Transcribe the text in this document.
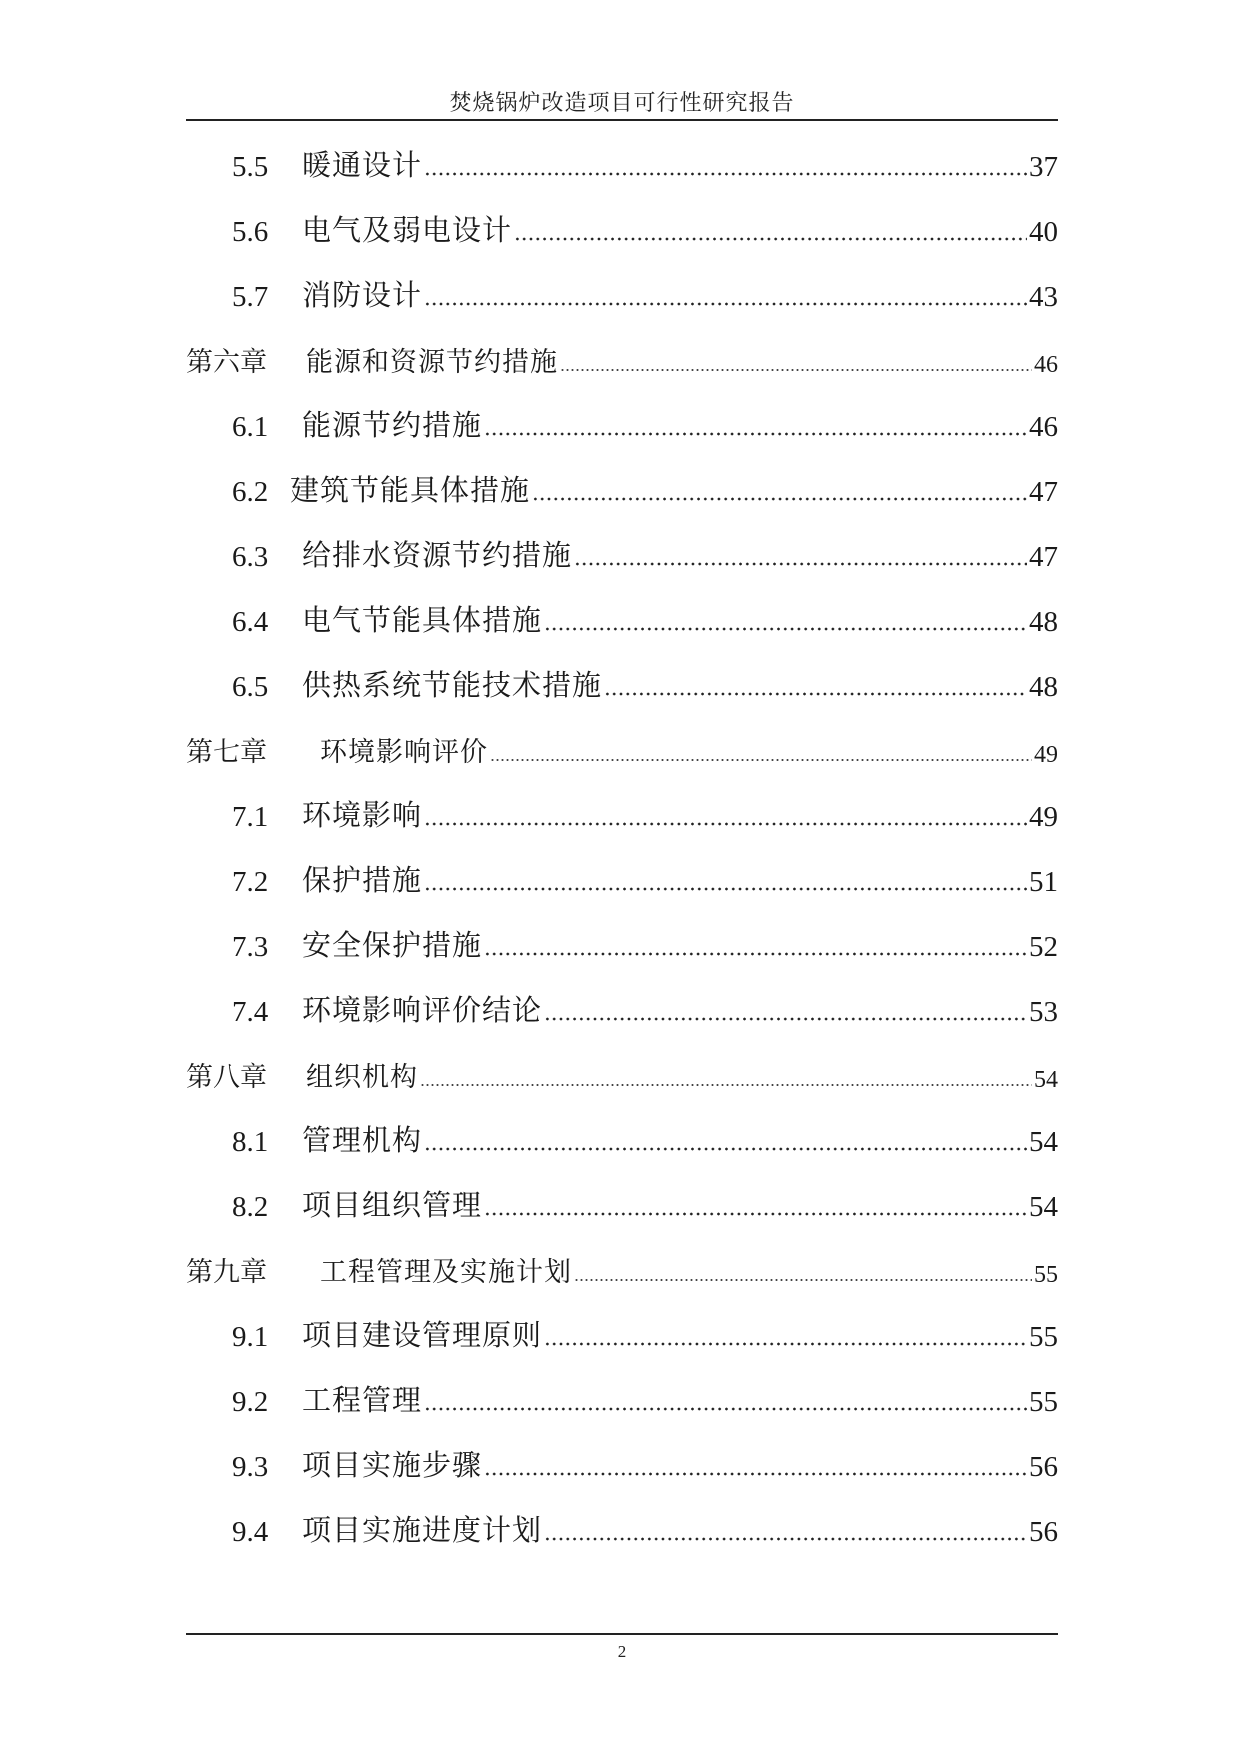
焚烧锅炉改造项目可行性研究报告
5.5	暖通设计	37
5.6	电气及弱电设计	40
5.7	消防设计	43
第六章	能源和资源节约措施	46
6.1	能源节约措施	46
6.2 建筑节能具体措施	47
6.3	给排水资源节约措施	47
6.4	电气节能具体措施	48
6.5	供热系统节能技术措施	48
第七章	环境影响评价	49
7.1	环境影响	49
7.2	保护措施	51
7.3	安全保护措施	52
7.4	环境影响评价结论	53
第八章	组织机构	54
8.1	管理机构	54
8.2	项目组织管理	54
第九章	工程管理及实施计划	55
9.1	项目建设管理原则	55
9.2	工程管理	55
9.3	项目实施步骤	56
9.4	项目实施进度计划	56
2
